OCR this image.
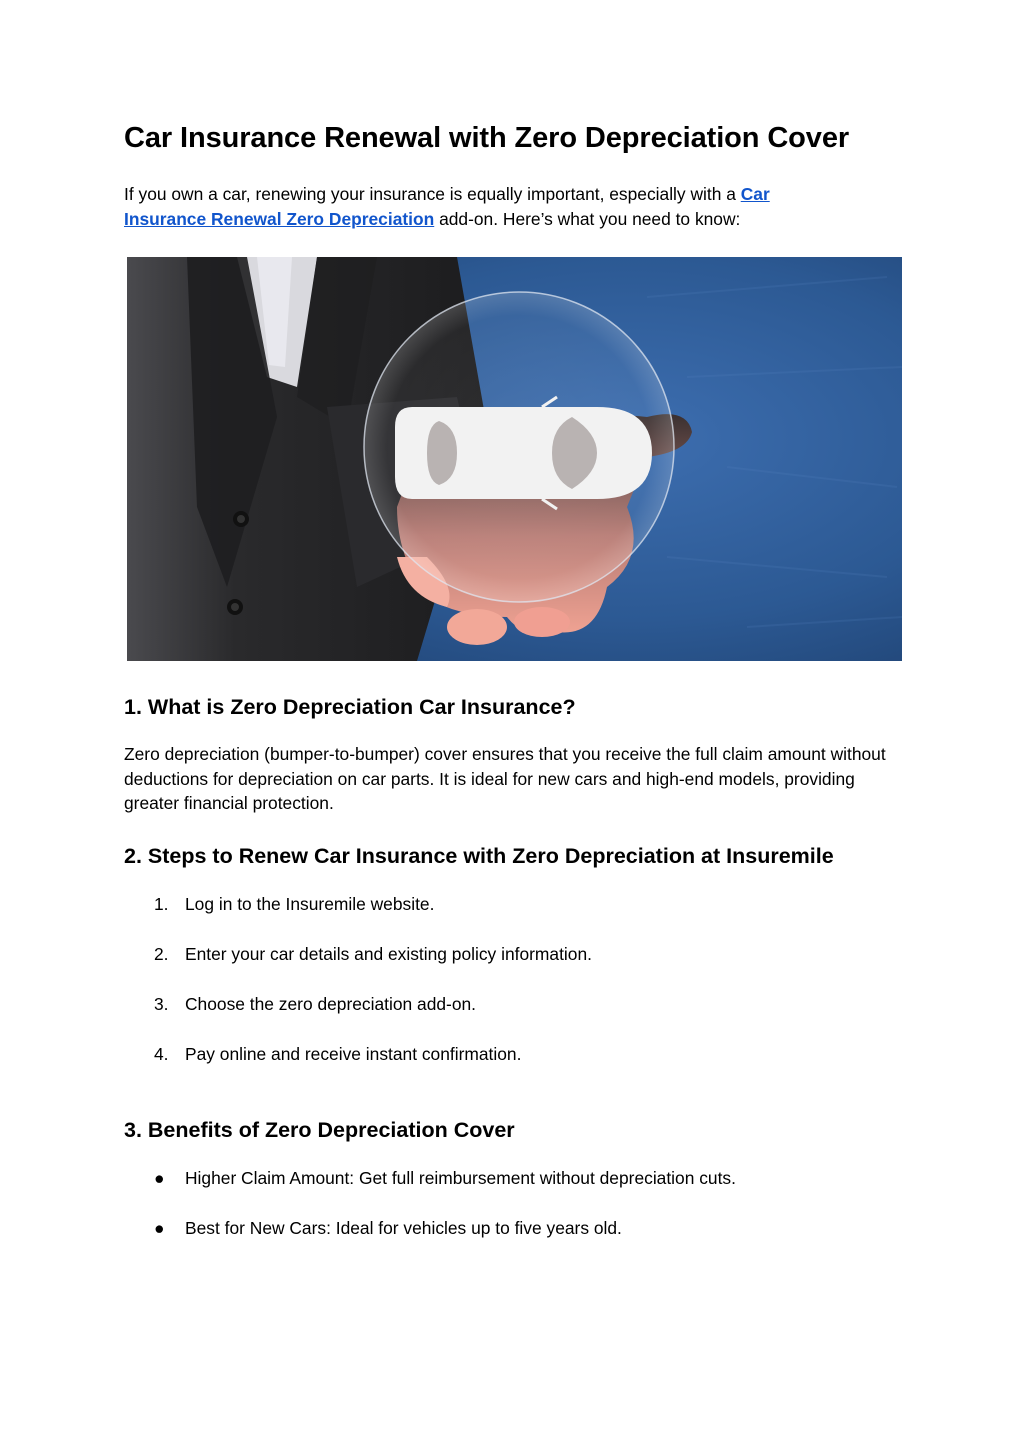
Car Insurance Renewal with Zero Depreciation Cover

If you own a car, renewing your insurance is equally important, especially with a Car Insurance Renewal Zero Depreciation add-on. Here’s what you need to know:

1. What is Zero Depreciation Car Insurance?

Zero depreciation (bumper-to-bumper) cover ensures that you receive the full claim amount without deductions for depreciation on car parts. It is ideal for new cars and high-end models, providing greater financial protection.

2. Steps to Renew Car Insurance with Zero Depreciation at Insuremile
1. Log in to the Insuremile website.
2. Enter your car details and existing policy information.
3. Choose the zero depreciation add-on.
4. Pay online and receive instant confirmation.
3. Benefits of Zero Depreciation Cover
●	Higher Claim Amount: Get full reimbursement without depreciation cuts.
●	Best for New Cars: Ideal for vehicles up to five years old.
